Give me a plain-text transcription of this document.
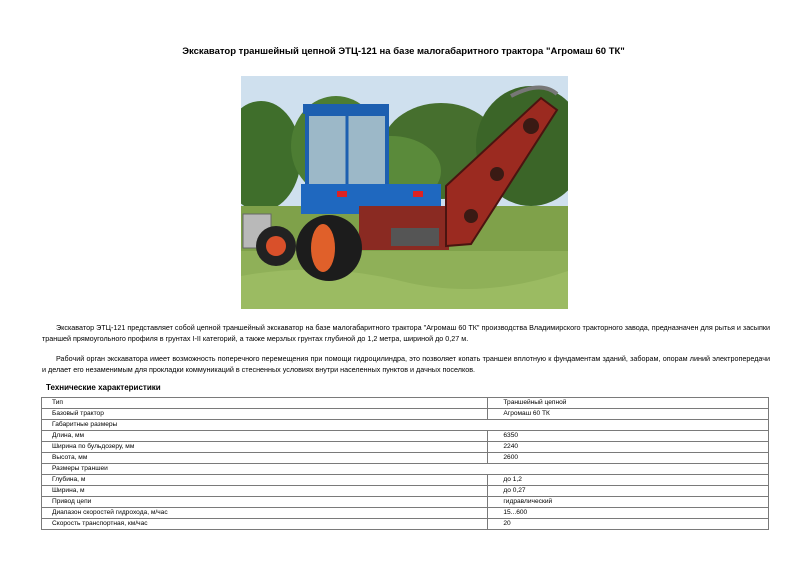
Экскаватор траншейный цепной ЭТЦ-121 на базе малогабаритного трактора "Агромаш 60 ТК"
Экскаватор ЭТЦ-121 представляет собой цепной траншейный экскаватор на базе малогабаритного трактора "Агромаш 60 ТК" производства Владимирского тракторного завода, предназначен для рытья и засыпки траншей прямоугольного профиля в грунтах I-II категорий, а также мерзлых грунтах глубиной до 1,2 метра, шириной до 0,27 м.
Рабочий орган экскаватора имеет возможность поперечного перемещения при помощи гидроцилиндра, это позволяет копать траншеи вплотную к фундаментам зданий, заборам, опорам линий электропередачи и делает его незаменимым для прокладки коммуникаций в стесненных условиях внутри населенных пунктов и дачных поселков.
Технические характеристики
Тип	Траншейный цепной
Базовый трактор	Агромаш 60 ТК
Габаритные размеры	
Длина, мм	6350
Ширина по бульдозеру, мм	2240
Высота, мм	2600
Размеры траншеи	
Глубина, м	до 1,2
Ширина, м	до 0,27
Привод цепи	гидравлический
Диапазон скоростей гидрохода, м/час	15...600
Скорость транспортная, км/час	20
